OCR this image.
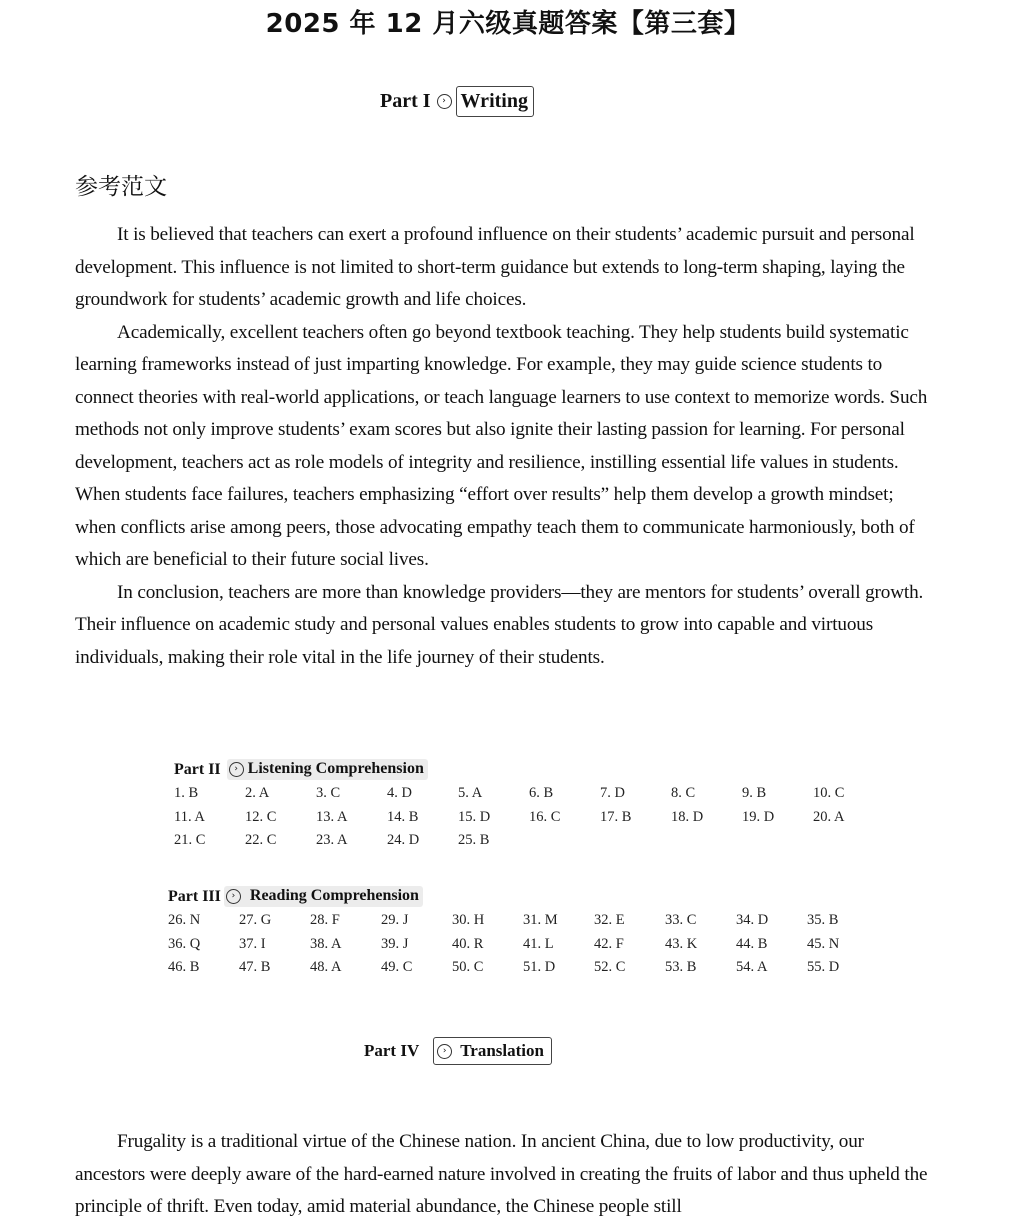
2025 年 12 月六级真题答案【第三套】
Part I	› Writing
参考范文

It is believed that teachers can exert a profound influence on their students’ academic pursuit and personal development. This influence is not limited to short-term guidance but extends to long-term shaping, laying the groundwork for students’ academic growth and life choices.

Academically, excellent teachers often go beyond textbook teaching. They help students build systematic learning frameworks instead of just imparting knowledge. For example, they may guide science students to connect theories with real-world applications, or teach language learners to use context to memorize words. Such methods not only improve students’ exam scores but also ignite their lasting passion for learning. For personal development, teachers act as role models of integrity and resilience, instilling essential life values in students. When students face failures, teachers emphasizing “effort over results” help them develop a growth mindset; when conflicts arise among peers, those advocating empathy teach them to communicate harmoniously, both of which are beneficial to their future social lives.

In conclusion, teachers are more than knowledge providers—they are mentors for students’ overall growth. Their influence on academic study and personal values enables students to grow into capable and virtuous individuals, making their role vital in the life journey of their students.

Part II	› Listening Comprehension
1. B	2. A	3. C	4. D	5. A	6. B	7. D	8. C	9. B	10. C
11. A	12. C	13. A	14. B	15. D	16. C	17. B	18. D	19. D	20. A
21. C	22. C	23. A	24. D	25. B
Part III	› Reading Comprehension
26. N	27. G	28. F	29. J	30. H	31. M	32. E	33. C	34. D	35. B
36. Q	37. I	38. A	39. J	40. R	41. L	42. F	43. K	44. B	45. N
46. B	47. B	48. A	49. C	50. C	51. D	52. C	53. B	54. A	55. D
Part IV	› Translation

Frugality is a traditional virtue of the Chinese nation. In ancient China, due to low productivity, our ancestors were deeply aware of the hard-earned nature involved in creating the fruits of labor and thus upheld the principle of thrift. Even today, amid material abundance, the Chinese people still
